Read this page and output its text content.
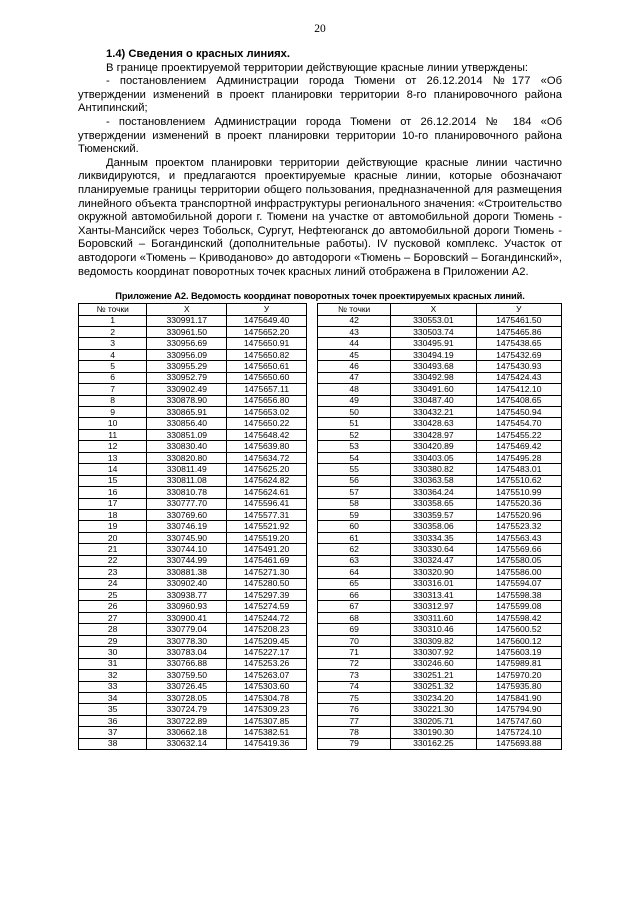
20

1.4) Сведения о красных линиях.

В границе проектируемой территории действующие красные линии утверждены:

- постановлением Администрации города Тюмени от 26.12.2014 №177 «Об утверждении изменений в проект планировки территории 8-го планировочного района Антипинский;

- постановлением Администрации города Тюмени от 26.12.2014 № 184 «Об утверждении изменений в проект планировки территории 10-го планировочного района Тюменский.

Данным проектом планировки территории действующие красные линии частично ликвидируются, и предлагаются проектируемые красные линии, которые обозначают планируемые границы территории общего пользования, предназначенной для размещения линейного объекта транспортной инфраструктуры регионального значения: «Строительство окружной автомобильной дороги г. Тюмени на участке от автомобильной дороги Тюмень - Ханты-Мансийск через Тобольск, Сургут, Нефтеюганск до автомобильной дороги Тюмень - Боровский – Богандинский (дополнительные работы). IV пусковой комплекс. Участок от автодороги «Тюмень – Криводаново» до автодороги «Тюмень – Боровский – Богандинский», ведомость координат поворотных точек красных линий отображена в Приложении А2.

Приложение А2. Ведомость координат поворотных точек проектируемых красных линий.
№ точки	X	У
1	330991.17	1475649.40
2	330961.50	1475652.20
3	330956.69	1475650.91
4	330956.09	1475650.82
5	330955.29	1475650.61
6	330952.79	1475650.60
7	330902.49	1475657.11
8	330878.90	1475656.80
9	330865.91	1475653.02
10	330856.40	1475650.22
11	330851.09	1475648.42
12	330830.40	1475639.80
13	330820.80	1475634.72
14	330811.49	1475625.20
15	330811.08	1475624.82
16	330810.78	1475624.61
17	330777.70	1475596.41
18	330769.60	1475577.31
19	330746.19	1475521.92
20	330745.90	1475519.20
21	330744.10	1475491.20
22	330744.99	1475461.69
23	330881.38	1475271.30
24	330902.40	1475280.50
25	330938.77	1475297.39
26	330960.93	1475274.59
27	330900.41	1475244.72
28	330779.04	1475208.23
29	330778.30	1475209.45
30	330783.04	1475227.17
31	330766.88	1475253.26
32	330759.50	1475263.07
33	330726.45	1475303.60
34	330728.05	1475304.78
35	330724.79	1475309.23
36	330722.89	1475307.85
37	330662.18	1475382.51
38	330632.14	1475419.36
№ точки	X	У
42	330553.01	1475461.50
43	330503.74	1475465.86
44	330495.91	1475438.65
45	330494.19	1475432.69
46	330493.68	1475430.93
47	330492.98	1475424.43
48	330491.60	1475412.10
49	330487.40	1475408.65
50	330432.21	1475450.94
51	330428.63	1475454.70
52	330428.97	1475455.22
53	330420.89	1475469.42
54	330403.05	1475495.28
55	330380.82	1475483.01
56	330363.58	1475510.62
57	330364.24	1475510.99
58	330358.65	1475520.36
59	330359.57	1475520.96
60	330358.06	1475523.32
61	330334.35	1475563.43
62	330330.64	1475569.66
63	330324.47	1475580.05
64	330320.90	1475586.00
65	330316.01	1475594.07
66	330313.41	1475598.38
67	330312.97	1475599.08
68	330311.60	1475598.42
69	330310.46	1475600.52
70	330309.82	1475600.12
71	330307.92	1475603.19
72	330246.60	1475989.81
73	330251.21	1475970.20
74	330251.32	1475935.80
75	330234.20	1475841.90
76	330221.30	1475794.90
77	330205.71	1475747.60
78	330190.30	1475724.10
79	330162.25	1475693.88
